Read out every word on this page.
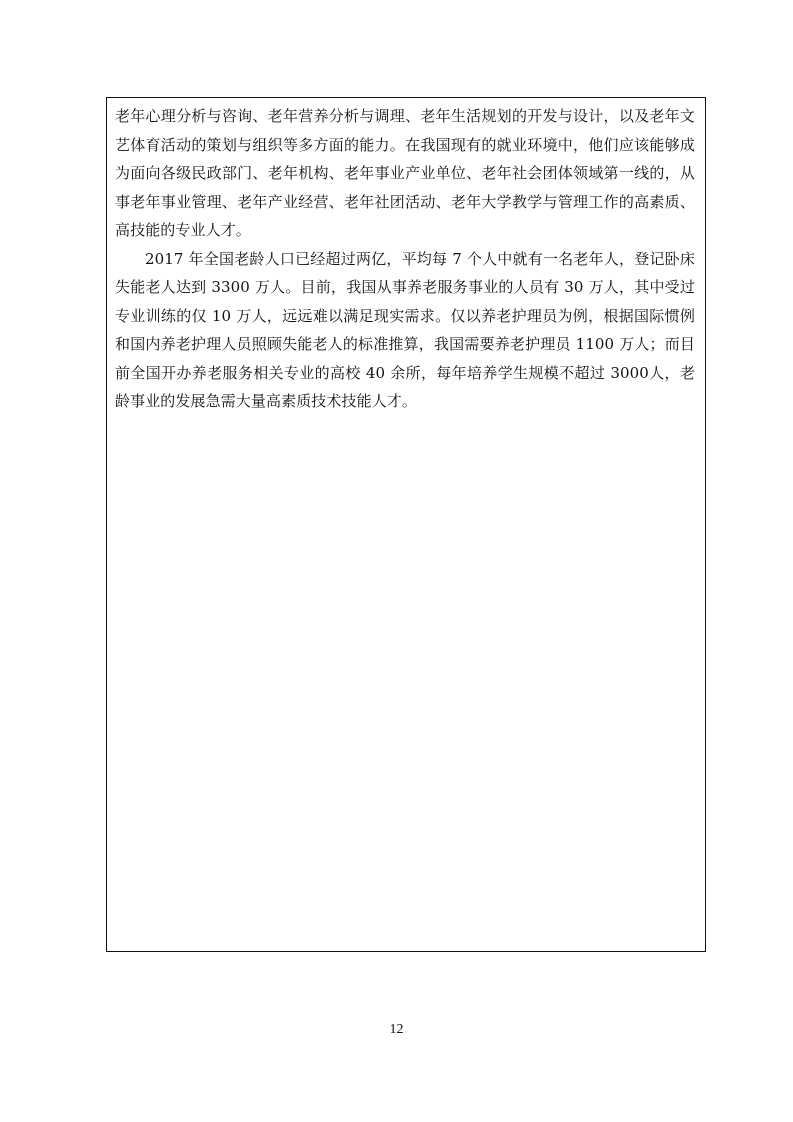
老年心理分析与咨询、老年营养分析与调理、老年生活规划的开发与设计，以及老年文艺体育活动的策划与组织等多方面的能力。在我国现有的就业环境中，他们应该能够成为面向各级民政部门、老年机构、老年事业产业单位、老年社会团体领域第一线的，从事老年事业管理、老年产业经营、老年社团活动、老年大学教学与管理工作的高素质、高技能的专业人才。

2017 年全国老龄人口已经超过两亿，平均每 7 个人中就有一名老年人，登记卧床失能老人达到 3300 万人。目前，我国从事养老服务事业的人员有 30 万人，其中受过专业训练的仅 10 万人，远远难以满足现实需求。仅以养老护理员为例，根据国际惯例和国内养老护理人员照顾失能老人的标准推算，我国需要养老护理员 1100 万人；而目前全国开办养老服务相关专业的高校 40 余所，每年培养学生规模不超过 3000人，老龄事业的发展急需大量高素质技术技能人才。

12
